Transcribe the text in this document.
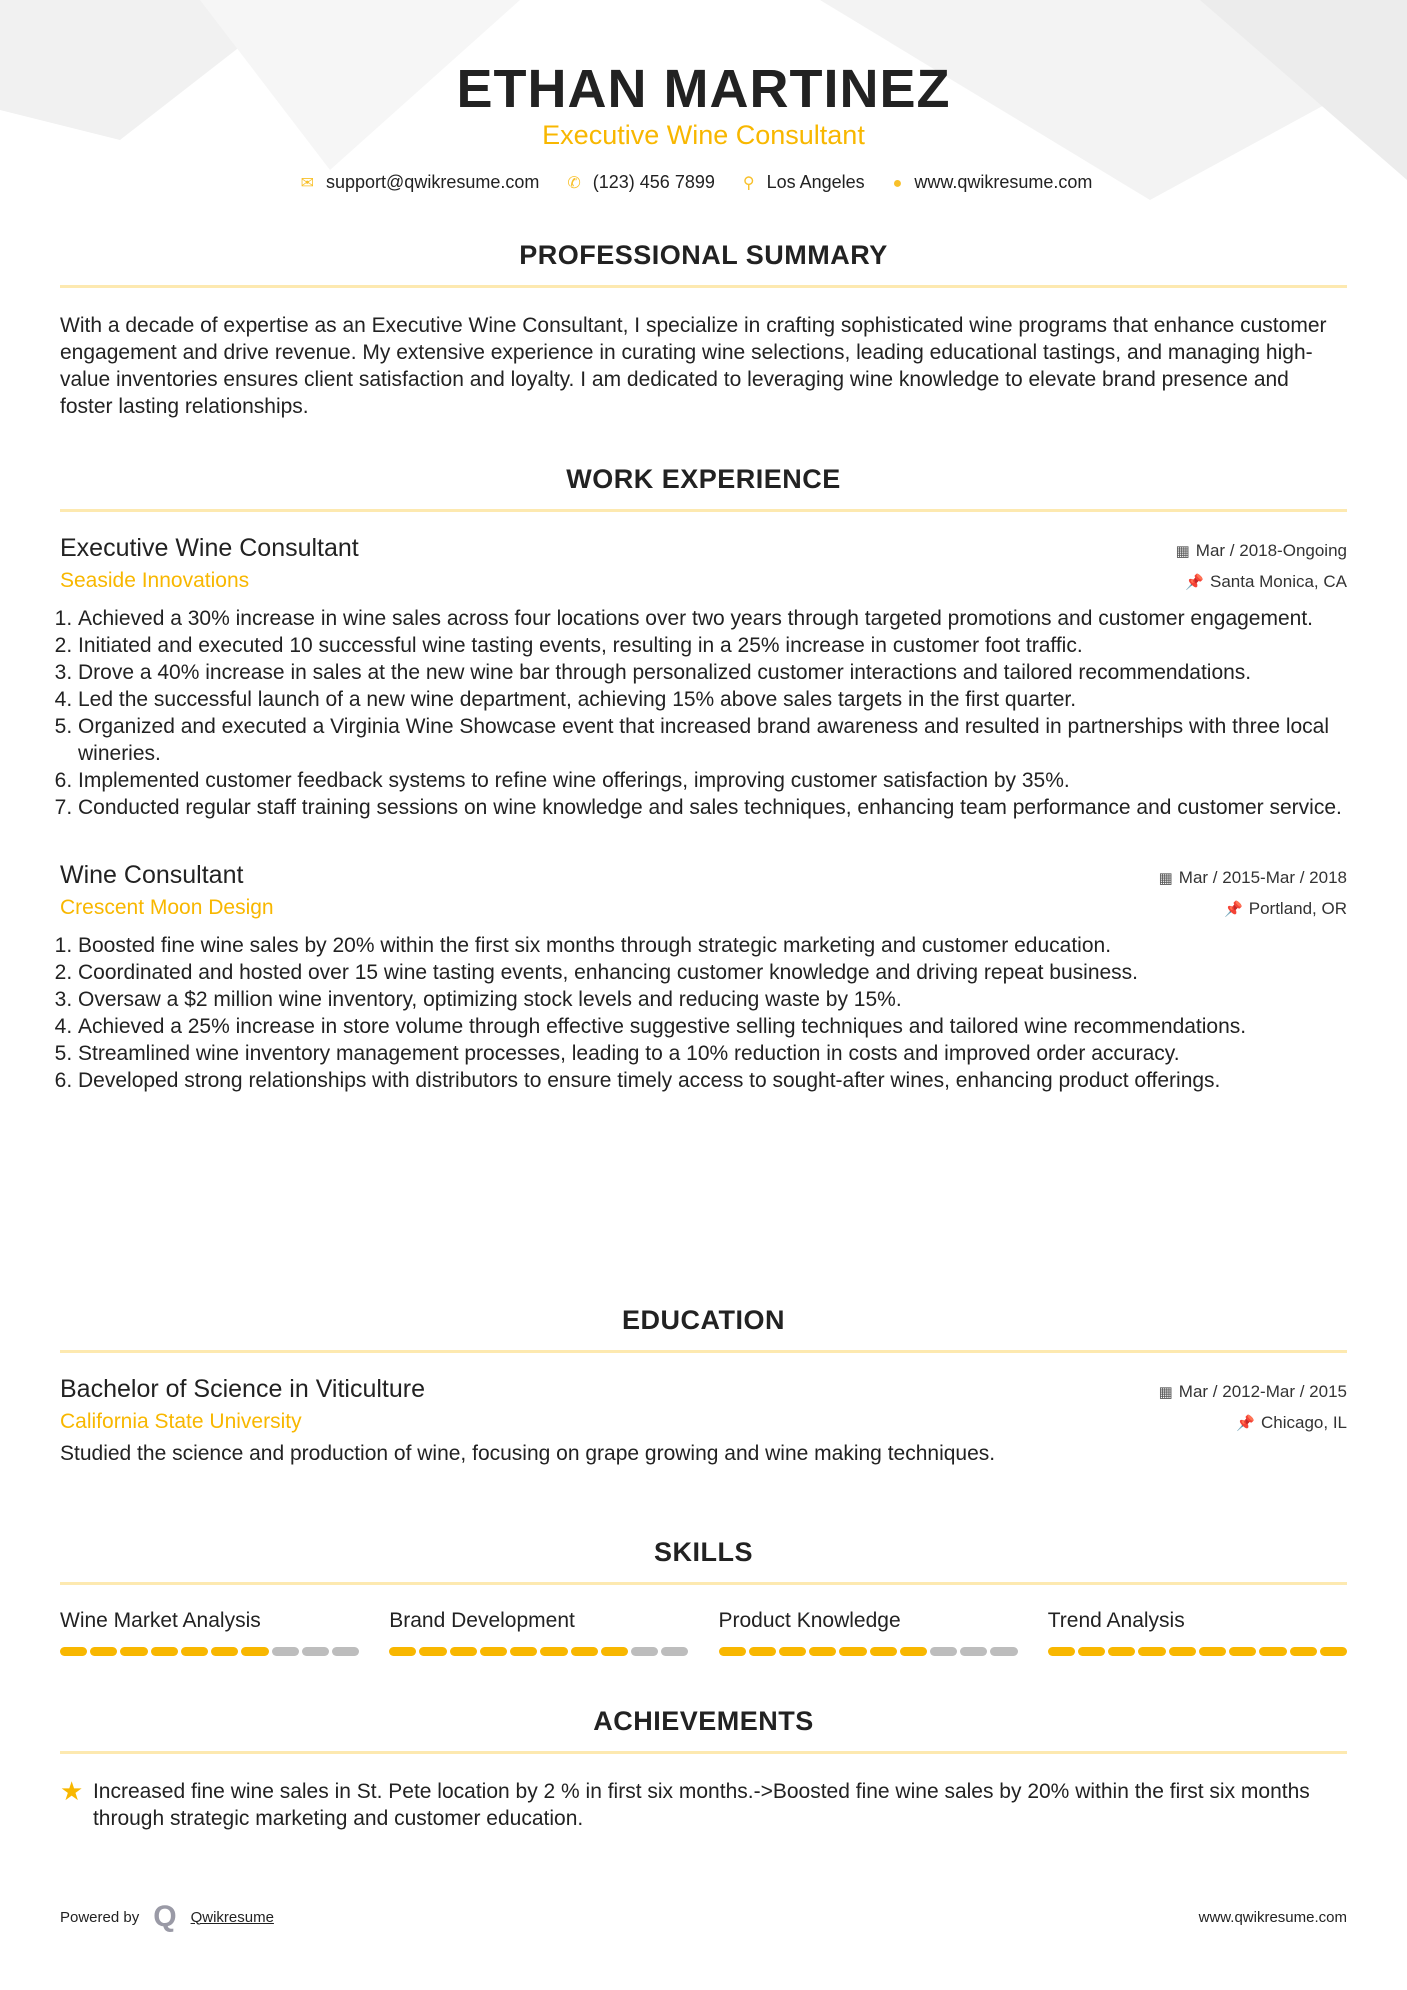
ETHAN MARTINEZ
Executive Wine Consultant
✉ support@qwikresume.com	✆ (123) 456 7899	⚲ Los Angeles	● www.qwikresume.com
PROFESSIONAL SUMMARY
With a decade of expertise as an Executive Wine Consultant, I specialize in crafting sophisticated wine programs that enhance customer engagement and drive revenue. My extensive experience in curating wine selections, leading educational tastings, and managing high-value inventories ensures client satisfaction and loyalty. I am dedicated to leveraging wine knowledge to elevate brand presence and foster lasting relationships.
WORK EXPERIENCE
Executive Wine Consultant	▦ Mar / 2018-Ongoing
Seaside Innovations	📌 Santa Monica, CA
1. Achieved a 30% increase in wine sales across four locations over two years through targeted promotions and customer engagement.
2. Initiated and executed 10 successful wine tasting events, resulting in a 25% increase in customer foot traffic.
3. Drove a 40% increase in sales at the new wine bar through personalized customer interactions and tailored recommendations.
4. Led the successful launch of a new wine department, achieving 15% above sales targets in the first quarter.
5. Organized and executed a Virginia Wine Showcase event that increased brand awareness and resulted in partnerships with three local wineries.
6. Implemented customer feedback systems to refine wine offerings, improving customer satisfaction by 35%.
7. Conducted regular staff training sessions on wine knowledge and sales techniques, enhancing team performance and customer service.
Wine Consultant	▦ Mar / 2015-Mar / 2018
Crescent Moon Design	📌 Portland, OR
1. Boosted fine wine sales by 20% within the first six months through strategic marketing and customer education.
2. Coordinated and hosted over 15 wine tasting events, enhancing customer knowledge and driving repeat business.
3. Oversaw a $2 million wine inventory, optimizing stock levels and reducing waste by 15%.
4. Achieved a 25% increase in store volume through effective suggestive selling techniques and tailored wine recommendations.
5. Streamlined wine inventory management processes, leading to a 10% reduction in costs and improved order accuracy.
6. Developed strong relationships with distributors to ensure timely access to sought-after wines, enhancing product offerings.
EDUCATION
Bachelor of Science in Viticulture	▦ Mar / 2012-Mar / 2015
California State University	📌 Chicago, IL
Studied the science and production of wine, focusing on grape growing and wine making techniques.
SKILLS
Wine Market Analysis	Brand Development	Product Knowledge	Trend Analysis
ACHIEVEMENTS
★ Increased fine wine sales in St. Pete location by 2 % in first six months.->Boosted fine wine sales by 20% within the first six months through strategic marketing and customer education.
Powered by Q Qwikresume	www.qwikresume.com
